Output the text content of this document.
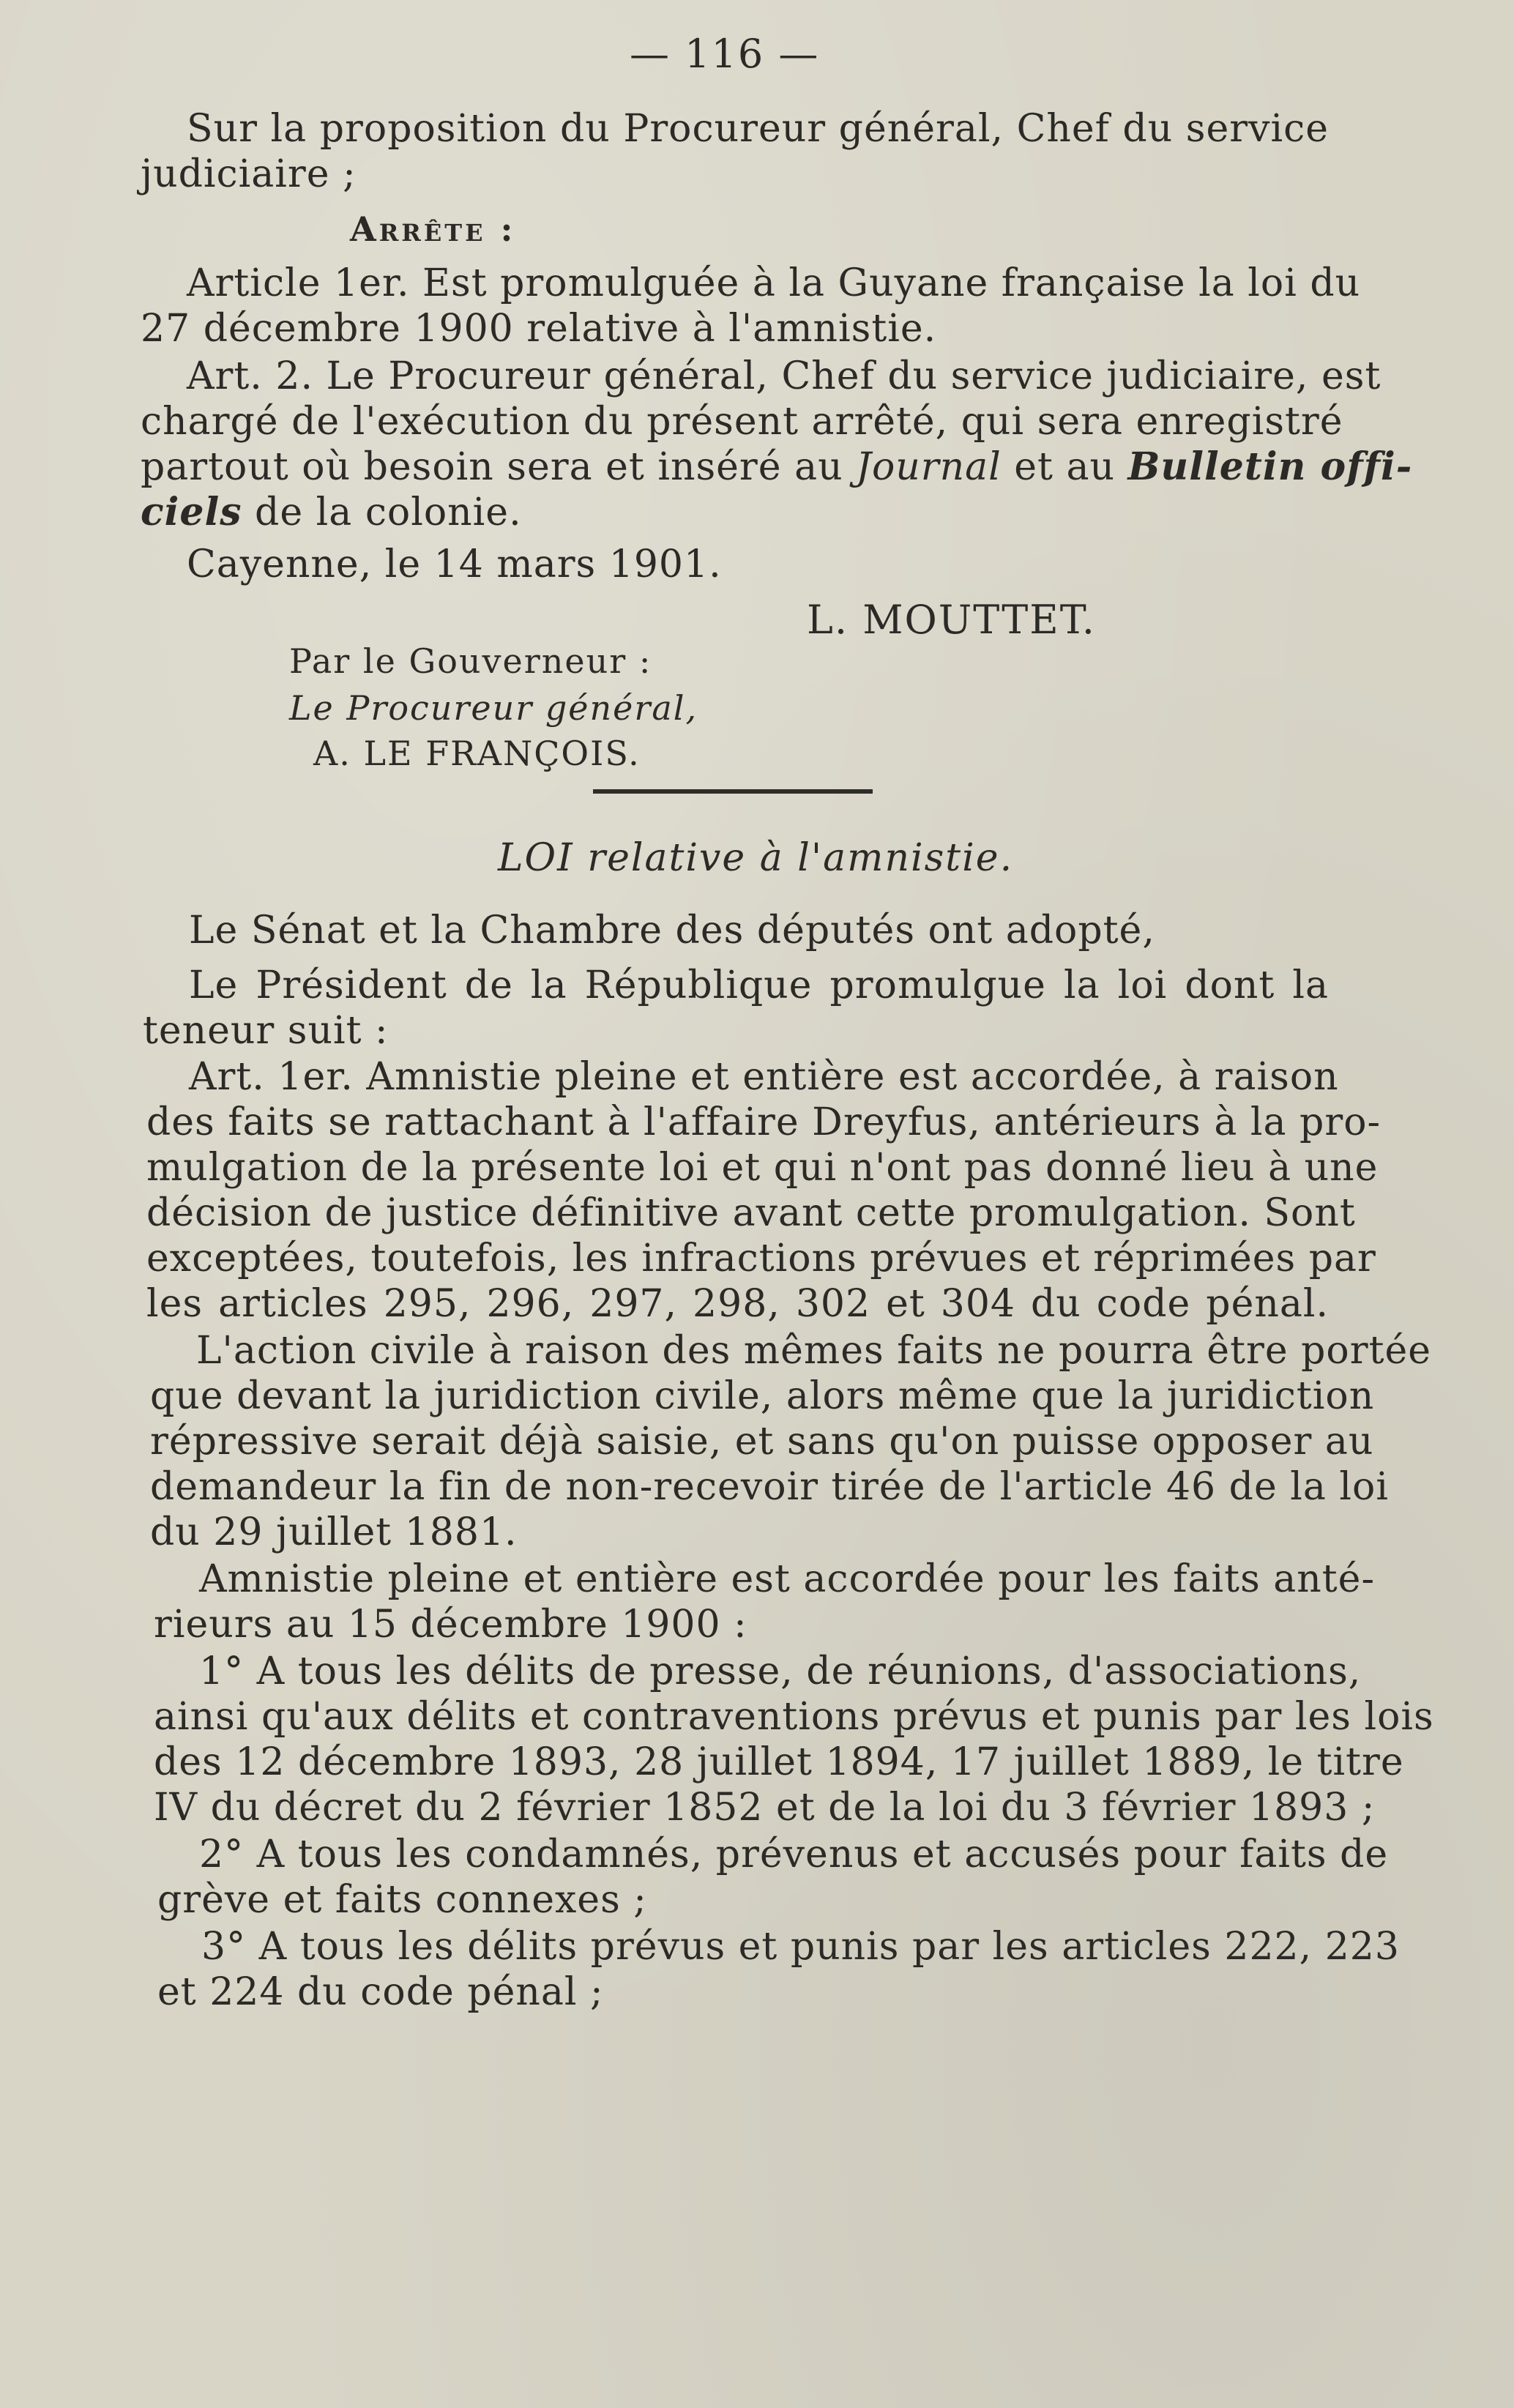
— 116 —
Sur la proposition du Procureur général, Chef du service
judiciaire ;
Arrête :
Article 1er. Est promulguée à la Guyane française la loi du
27 décembre 1900 relative à l'amnistie.
Art. 2. Le Procureur général, Chef du service judiciaire, est
chargé de l'exécution du présent arrêté, qui sera enregistré
partout où besoin sera et inséré au Journal et au Bulletin offi-
ciels de la colonie.
Cayenne, le 14 mars 1901.
L. MOUTTET.
Par le Gouverneur :
Le Procureur général,
A. LE FRANÇOIS.
LOI relative à l'amnistie.
Le Sénat et la Chambre des députés ont adopté,
Le Président de la République promulgue la loi dont la
teneur suit :
Art. 1er. Amnistie pleine et entière est accordée, à raison
des faits se rattachant à l'affaire Dreyfus, antérieurs à la pro-
mulgation de la présente loi et qui n'ont pas donné lieu à une
décision de justice définitive avant cette promulgation. Sont
exceptées, toutefois, les infractions prévues et réprimées par
les articles 295, 296, 297, 298, 302 et 304 du code pénal.
L'action civile à raison des mêmes faits ne pourra être portée
que devant la juridiction civile, alors même que la juridiction
répressive serait déjà saisie, et sans qu'on puisse opposer au
demandeur la fin de non-recevoir tirée de l'article 46 de la loi
du 29 juillet 1881.
Amnistie pleine et entière est accordée pour les faits anté-
rieurs au 15 décembre 1900 :
1° A tous les délits de presse, de réunions, d'associations,
ainsi qu'aux délits et contraventions prévus et punis par les lois
des 12 décembre 1893, 28 juillet 1894, 17 juillet 1889, le titre
IV du décret du 2 février 1852 et de la loi du 3 février 1893 ;
2° A tous les condamnés, prévenus et accusés pour faits de
grève et faits connexes ;
3° A tous les délits prévus et punis par les articles 222, 223
et 224 du code pénal ;
